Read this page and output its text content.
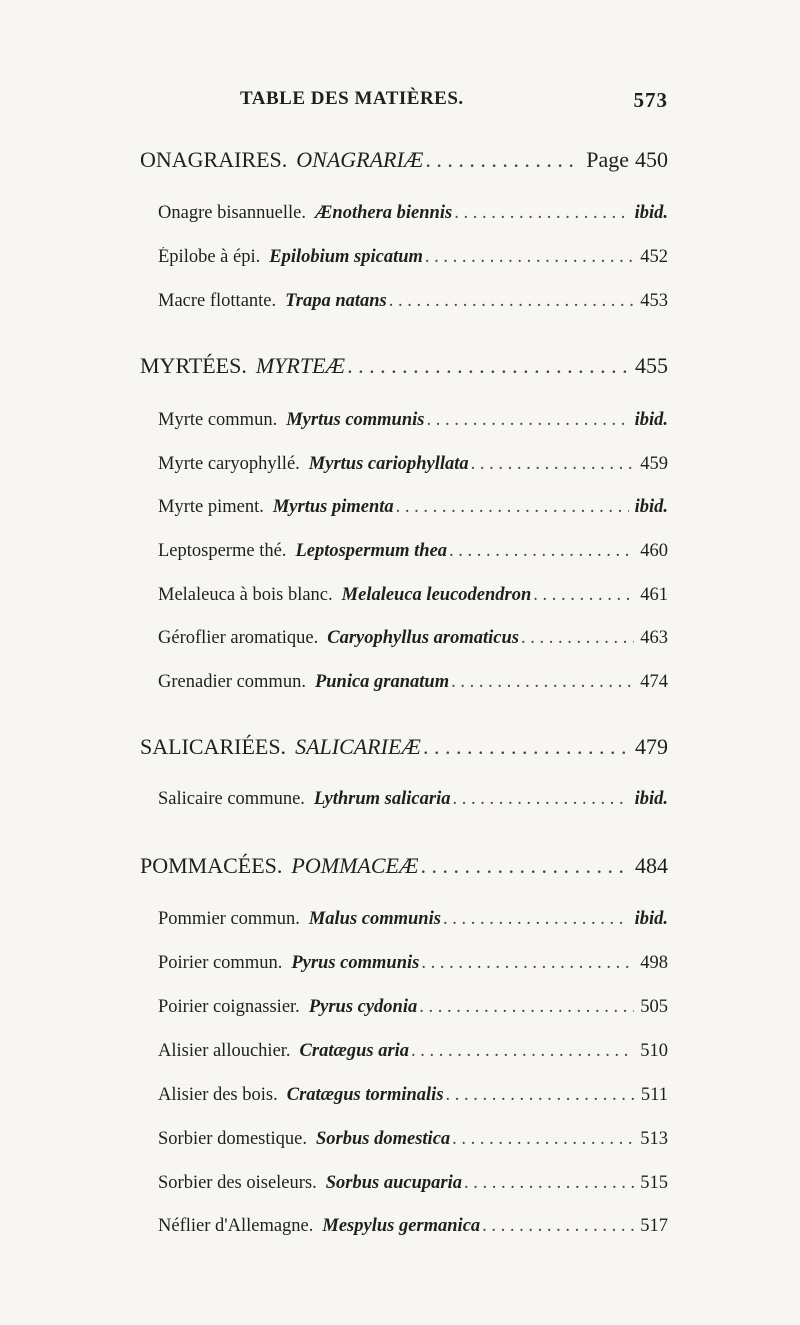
TABLE DES MATIÈRES.	573
ONAGRAIRES. ONAGRARIÆ . . .	Page 450
Onagre bisannuelle. Ænothera biennis . . .	ibid.
Épilobe à épi. Epilobium spicatum . . .	452
Macre flottante. Trapa natans . . .	453
MYRTÉES. MYRTEÆ . . .	455
Myrte commun. Myrtus communis . . .	ibid.
Myrte caryophyllé. Myrtus cariophyllata . . .	459
Myrte piment. Myrtus pimenta . . .	ibid.
Leptosperme thé. Leptospermum thea . . .	460
Melaleuca à bois blanc. Melaleuca leucodendron . . .	461
Géroflier aromatique. Caryophyllus aromaticus . . .	463
Grenadier commun. Punica granatum . . .	474
SALICARIÉES. SALICARIEÆ . . .	479
Salicaire commune. Lythrum salicaria . . .	ibid.
POMMACÉES. POMMACEÆ . . .	484
Pommier commun. Malus communis . . .	ibid.
Poirier commun. Pyrus communis . . .	498
Poirier coignassier. Pyrus cydonia . . .	505
Alisier allouchier. Cratægus aria . . .	510
Alisier des bois. Cratægus torminalis . . .	511
Sorbier domestique. Sorbus domestica . . .	513
Sorbier des oiseleurs. Sorbus aucuparia . . .	515
Néflier d'Allemagne. Mespylus germanica . . .	517
